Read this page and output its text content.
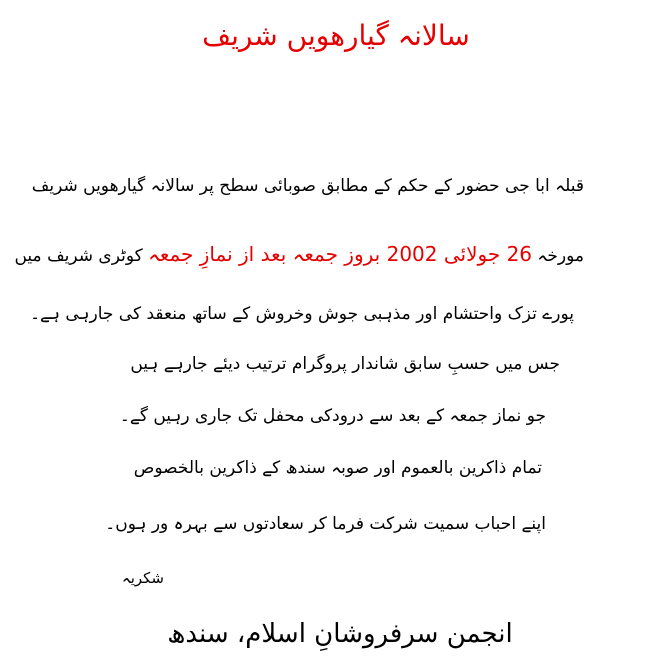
سالانہ گیارھویں شریف
قبلہ ابا جی حضور کے حکم کے مطابق صوبائی سطح پر سالانہ گیارھویں شریف
مورخہ 26 جولائی 2002 بروز جمعہ بعد از نمازِ جمعہ کوٹری شریف میں
پورے تزک واحتشام اور مذہبی جوش وخروش کے ساتھ منعقد کی جارہی ہے۔
جس میں حسبِ سابق شاندار پروگرام ترتیب دیئے جارہے ہیں
جو نماز جمعہ کے بعد سے درودکی محفل تک جاری رہیں گے۔
تمام ذاکرین بالعموم اور صوبہ سندھ کے ذاکرین بالخصوص
اپنے احباب سمیت شرکت فرما کر سعادتوں سے بہرہ ور ہوں۔
شکریہ
انجمن سرفروشانِ اسلام، سندھ
